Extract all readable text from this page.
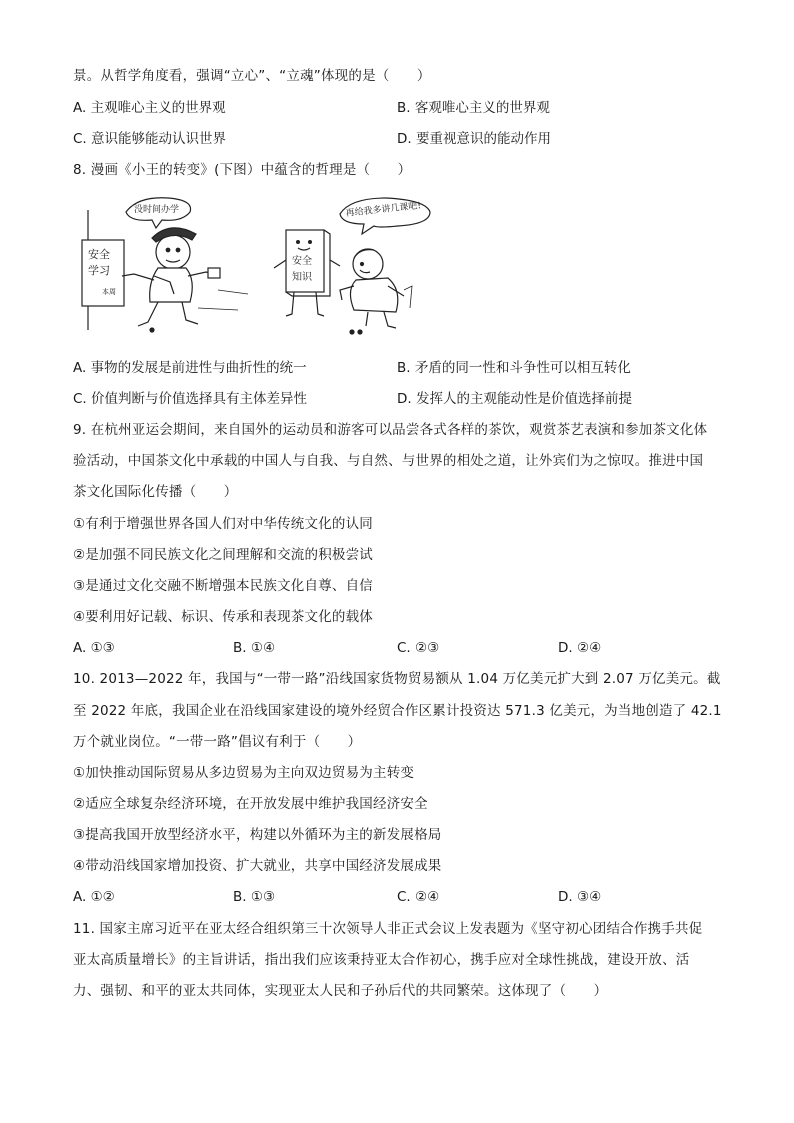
景。从哲学角度看，强调“立心”、“立魂”体现的是（　　）
A. 主观唯心主义的世界观	B. 客观唯心主义的世界观
C. 意识能够能动认识世界	D. 要重视意识的能动作用
8. 漫画《小王的转变》(下图）中蕴含的哲理是（　　）
没时间办学
安全
学习
本周
再给我多讲几课吧!
安全
知识
A. 事物的发展是前进性与曲折性的统一	B. 矛盾的同一性和斗争性可以相互转化
C. 价值判断与价值选择具有主体差异性	D. 发挥人的主观能动性是价值选择前提
9. 在杭州亚运会期间，来自国外的运动员和游客可以品尝各式各样的茶饮，观赏茶艺表演和参加茶文化体
验活动，中国茶文化中承载的中国人与自我、与自然、与世界的相处之道，让外宾们为之惊叹。推进中国
茶文化国际化传播（　　）
①有利于增强世界各国人们对中华传统文化的认同
②是加强不同民族文化之间理解和交流的积极尝试
③是通过文化交融不断增强本民族文化自尊、自信
④要利用好记载、标识、传承和表现茶文化的载体
A. ①③	B. ①④	C. ②③	D. ②④
10. 2013—2022 年，我国与“一带一路”沿线国家货物贸易额从 1.04 万亿美元扩大到 2.07 万亿美元。截
至 2022 年底，我国企业在沿线国家建设的境外经贸合作区累计投资达 571.3 亿美元，为当地创造了 42.1
万个就业岗位。“一带一路”倡议有利于（　　）
①加快推动国际贸易从多边贸易为主向双边贸易为主转变
②适应全球复杂经济环境，在开放发展中维护我国经济安全
③提高我国开放型经济水平，构建以外循环为主的新发展格局
④带动沿线国家增加投资、扩大就业，共享中国经济发展成果
A. ①②	B. ①③	C. ②④	D. ③④
11. 国家主席习近平在亚太经合组织第三十次领导人非正式会议上发表题为《坚守初心团结合作携手共促
亚太高质量增长》的主旨讲话，指出我们应该秉持亚太合作初心，携手应对全球性挑战，建设开放、活
力、强韧、和平的亚太共同体，实现亚太人民和子孙后代的共同繁荣。这体现了（　　）
